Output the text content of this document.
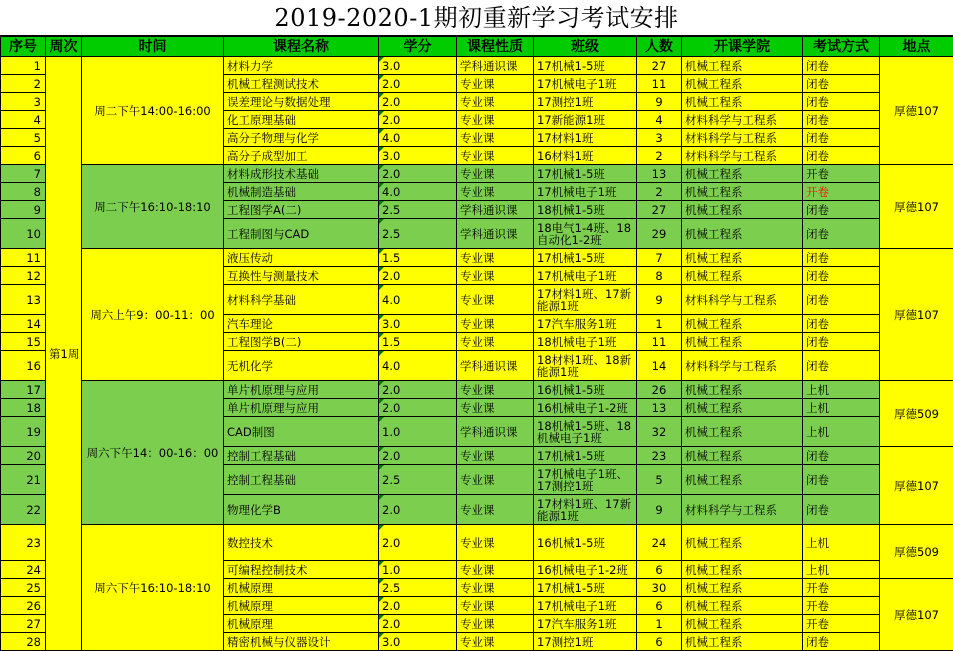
2019-2020-1期初重新学习考试安排
序号	周次	时间	课程名称	学分	课程性质	班级	人数	开课学院	考试方式	地点
1	第1周	周二下午14:00-16:00	材料力学	3.0	学科通识课	17机械1-5班	27	机械工程系	闭卷	厚德107
2			机械工程测试技术	2.0	专业课	17机械电子1班	11	机械工程系	闭卷	
3			误差理论与数据处理	2.0	专业课	17测控1班	9	机械工程系	闭卷	
4			化工原理基础	2.0	专业课	17新能源1班	4	材料科学与工程系	闭卷	
5			高分子物理与化学	4.0	专业课	17材料1班	3	材料科学与工程系	闭卷	
6			高分子成型加工	3.0	专业课	16材料1班	2	材料科学与工程系	闭卷	
7		周二下午16:10-18:10	材料成形技术基础	2.0	专业课	17机械1-5班	13	机械工程系	开卷	厚德107
8			机械制造基础	4.0	专业课	17机械电子1班	2	机械工程系	开卷	
9			工程图学A(二)	2.5	学科通识课	18机械1-5班	27	机械工程系	闭卷	
10			工程制图与CAD	2.5	学科通识课	18电气1-4班、18自动化1-2班	29	机械工程系	闭卷	
11		周六上午9：00-11：00	液压传动	1.5	专业课	17机械1-5班	7	机械工程系	闭卷	厚德107
12			互换性与测量技术	2.0	专业课	17机械电子1班	8	机械工程系	闭卷	
13			材料科学基础	4.0	专业课	17材料1班、17新能源1班	9	材料科学与工程系	闭卷	
14			汽车理论	3.0	专业课	17汽车服务1班	1	机械工程系	闭卷	
15			工程图学B(二)	1.5	专业课	18机械电子1班	11	机械工程系	闭卷	
16			无机化学	4.0	学科通识课	18材料1班、18新能源1班	14	材料科学与工程系	闭卷	
17		周六下午14：00-16：00	单片机原理与应用	2.0	专业课	16机械1-5班	26	机械工程系	上机	厚德509
18			单片机原理与应用	2.0	专业课	16机械电子1-2班	13	机械工程系	上机	
19			CAD制图	1.0	学科通识课	18机械1-5班、18机械电子1班	32	机械工程系	上机	
20			控制工程基础	2.0	专业课	17机械1-5班	23	机械工程系	闭卷	厚德107
21			控制工程基础	2.5	专业课	17机械电子1班、17测控1班	5	机械工程系	闭卷	
22			物理化学B	2.0	专业课	17材料1班、17新能源1班	9	材料科学与工程系	闭卷	
23		周六下午16:10-18:10	数控技术	2.0	专业课	16机械1-5班	24	机械工程系	上机	厚德509
24			可编程控制技术	1.0	专业课	16机械电子1-2班	6	机械工程系	上机	
25			机械原理	2.5	专业课	17机械1-5班	30	机械工程系	开卷	厚德107
26			机械原理	2.0	专业课	17机械电子1班	6	机械工程系	开卷	
27			机械原理	2.0	专业课	17汽车服务1班	1	机械工程系	开卷	
28			精密机械与仪器设计	3.0	专业课	17测控1班	6	机械工程系	闭卷	
